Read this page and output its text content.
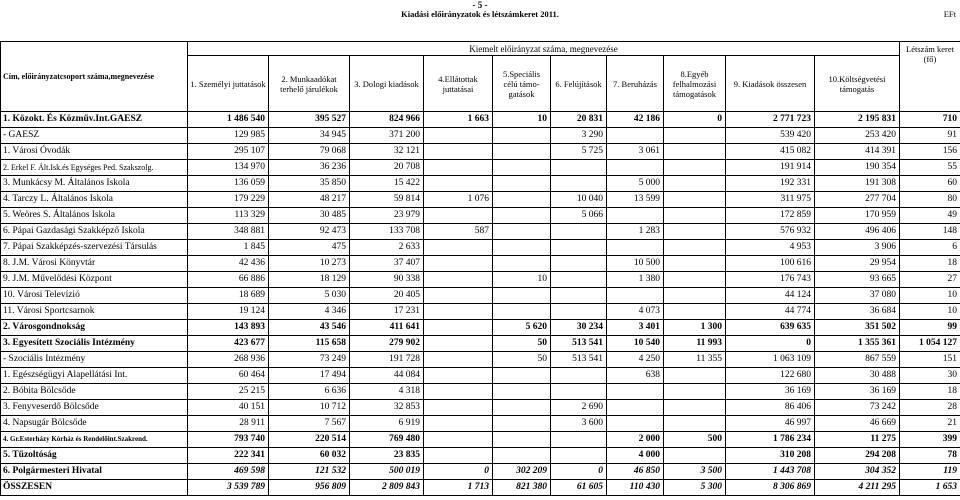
- 5 -
Kiadási előirányzatok és létszámkeret 2011.	EFt
Cím, előirányzatcsoport száma,megnevezése	Kiemelt előirányzat száma, megnevezése										Létszám keret (fő)
	1. Személyi juttatások	2. Munkaadókat terhelő járulékok	3. Dologi kiadások	4.Ellátottak juttatásai	5.Speciális célú támo-gatások	6. Felújítások	7. Beruházás	8.Egyéb felhalmozási támogatások	9. Kiadások összesen	10.Költségvetési támogatás	
1. Közokt. És Közműv.Int.GAESZ	1 486 540	395 527	824 966	1 663	10	20 831	42 186	0	2 771 723	2 195 831	710
- GAESZ	129 985	34 945	371 200			3 290			539 420	253 420	91
1. Városi Óvodák	295 107	79 068	32 121			5 725	3 061		415 082	414 391	156
2. Erkel F. Ált.Isk.és Egységes Ped. Szakszolg.	134 970	36 236	20 708						191 914	190 354	55
3. Munkácsy M. Általános Iskola	136 059	35 850	15 422				5 000		192 331	191 308	60
4. Tarczy L. Általános Iskola	179 229	48 217	59 814	1 076		10 040	13 599		311 975	277 704	80
5. Weöres S. Általános Iskola	113 329	30 485	23 979			5 066			172 859	170 959	49
6. Pápai Gazdasági Szakképző Iskola	348 881	92 473	133 708	587			1 283		576 932	496 406	148
7. Pápai Szakképzés-szervezési Társulás	1 845	475	2 633						4 953	3 906	6
8. J.M. Városi Könyvtár	42 436	10 273	37 407				10 500		100 616	29 954	18
9. J.M. Művelődési Központ	66 886	18 129	90 338		10		1 380		176 743	93 665	27
10. Városi Televízió	18 689	5 030	20 405						44 124	37 080	10
11. Városi Sportcsarnok	19 124	4 346	17 231				4 073		44 774	36 684	10
2. Városgondnokság	143 893	43 546	411 641		5 620	30 234	3 401	1 300	639 635	351 502	99
3. Egyesített Szociális Intézmény	423 677	115 658	279 902		50	513 541	10 540	11 993	0	1 355 361	1 054 127
- Szociális Intézmény	268 936	73 249	191 728		50	513 541	4 250	11 355	1 063 109	867 559	151
1. Egészségügyi Alapellátási Int.	60 464	17 494	44 084				638		122 680	30 488	30
2. Bóbita Bölcsőde	25 215	6 636	4 318						36 169	36 169	18
3. Fenyveserdő Bölcsőde	40 151	10 712	32 853			2 690			86 406	73 242	28
4. Napsugár Bölcsőde	28 911	7 567	6 919			3 600			46 997	46 669	21
4. Gr.Esterházy Kórház és Rendelőint.Szakrend.	793 740	220 514	769 480				2 000	500	1 786 234	11 275	399
5. Tűzoltóság	222 341	60 032	23 835				4 000		310 208	294 208	78
6. Polgármesteri Hivatal	469 598	121 532	500 019	0	302 209	0	46 850	3 500	1 443 708	304 352	119
ÖSSZESEN	3 539 789	956 809	2 809 843	1 713	821 380	61 605	110 430	5 300	8 306 869	4 211 295	1 653
